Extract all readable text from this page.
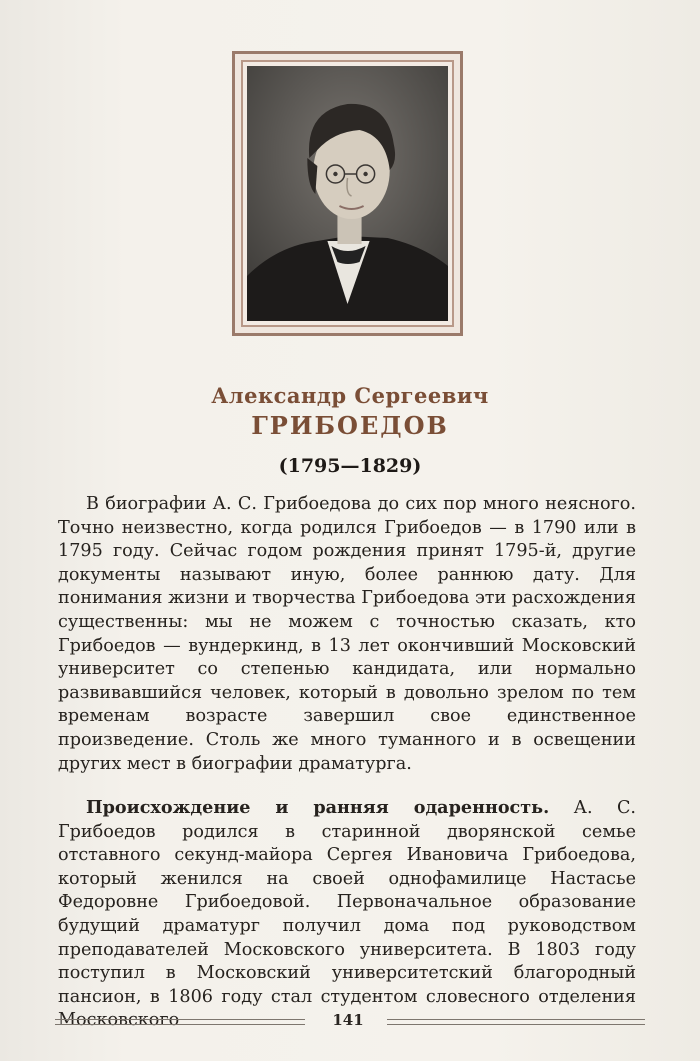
Александр Сергеевич
ГРИБОЕДОВ
(1795—1829)
В биографии А. С. Грибоедова до сих пор много неясного. Точно неизвестно, когда родился Грибоедов — в 1790 или в 1795 году. Сейчас годом рождения принят 1795-й, другие документы называют иную, более раннюю дату. Для понимания жизни и творчества Грибоедова эти расхождения существенны: мы не можем с точностью сказать, кто Грибоедов — вундеркинд, в 13 лет окончивший Московский университет со степенью кандидата, или нормально развивавшийся человек, который в довольно зрелом по тем временам возрасте завершил свое единственное произведение. Столь же много туманного и в освещении других мест в биографии драматурга.
Происхождение и ранняя одаренность. А. С. Грибоедов родился в старинной дворянской семье отставного секунд-майора Сергея Ивановича Грибоедова, который женился на своей однофамилице Настасье Федоровне Грибоедовой. Первоначальное образование будущий драматург получил дома под руководством преподавателей Московского университета. В 1803 году поступил в Московский университетский благородный пансион, в 1806 году стал студентом словесного отделения Московского	141
